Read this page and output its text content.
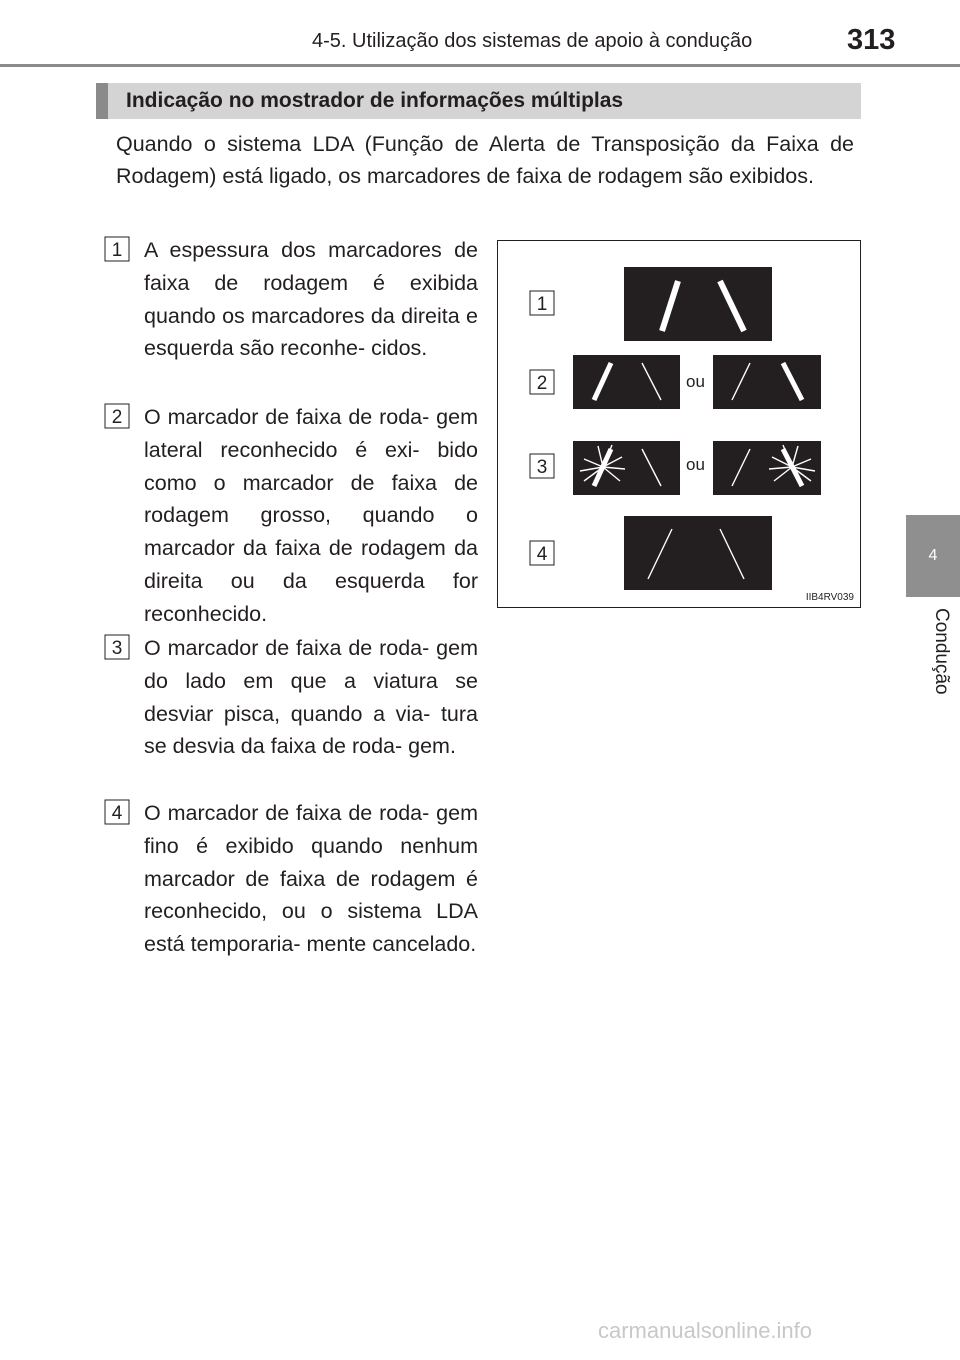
4-5. Utilização dos sistemas de apoio à condução	313
4
Condução
Indicação no mostrador de informações múltiplas

Quando o sistema LDA (Função de Alerta de Transposição da Faixa de Rodagem) está ligado, os marcadores de faixa de rodagem são exibidos.

1 A espessura dos marcadores de faixa de rodagem é exibida quando os marcadores da direita e esquerda são reconhe- cidos.

2 O marcador de faixa de roda- gem lateral reconhecido é exi- bido como o marcador de faixa de rodagem grosso, quando o marcador da faixa de rodagem da direita ou da esquerda for reconhecido.

3 O marcador de faixa de roda- gem do lado em que a viatura se desviar pisca, quando a via- tura se desvia da faixa de roda- gem.

4 O marcador de faixa de roda- gem fino é exibido quando nenhum marcador de faixa de rodagem é reconhecido, ou o sistema LDA está temporaria- mente cancelado.

1
2
3
4
ou
ou
IIB4RV039
carmanualsonline.info
